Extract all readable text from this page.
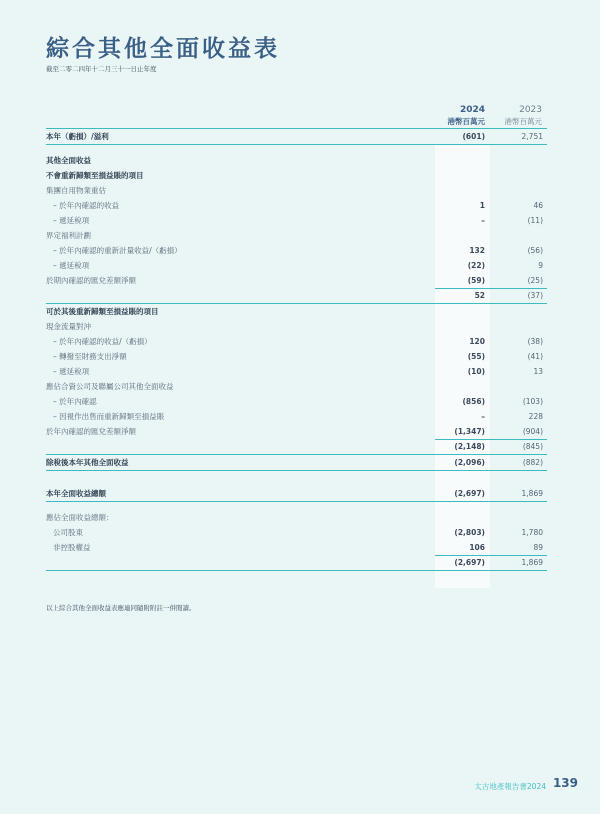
綜合其他全面收益表
截至二零二四年十二月三十一日止年度
2024
港幣百萬元
2023
港幣百萬元
本年（虧損）/溢利	(601)	2,751
其他全面收益
不會重新歸類至損益賬的項目
集團自用物業重估
– 於年內確認的收益	1	46
– 遞延稅項	–	(11)
界定福利計劃
– 於年內確認的重新計量收益/（虧損）	132	(56)
– 遞延稅項	(22)	9
於期內確認的匯兌差額淨額	(59)	(25)
52	(37)
可於其後重新歸類至損益賬的項目
現金流量對沖
– 於年內確認的收益/（虧損）	120	(38)
– 轉撥至財務支出淨額	(55)	(41)
– 遞延稅項	(10)	13
應佔合資公司及聯屬公司其他全面收益
– 於年內確認	(856)	(103)
– 因視作出售而重新歸類至損益賬	–	228
於年內確認的匯兌差額淨額	(1,347)	(904)
(2,148)	(845)
除稅後本年其他全面收益	(2,096)	(882)
本年全面收益總額	(2,697)	1,869
應佔全面收益總額：
公司股東	(2,803)	1,780
非控股權益	106	89
(2,697)	1,869
以上綜合其他全面收益表應連同隨附附註一併閱讀。
太古地產報告書2024 139
